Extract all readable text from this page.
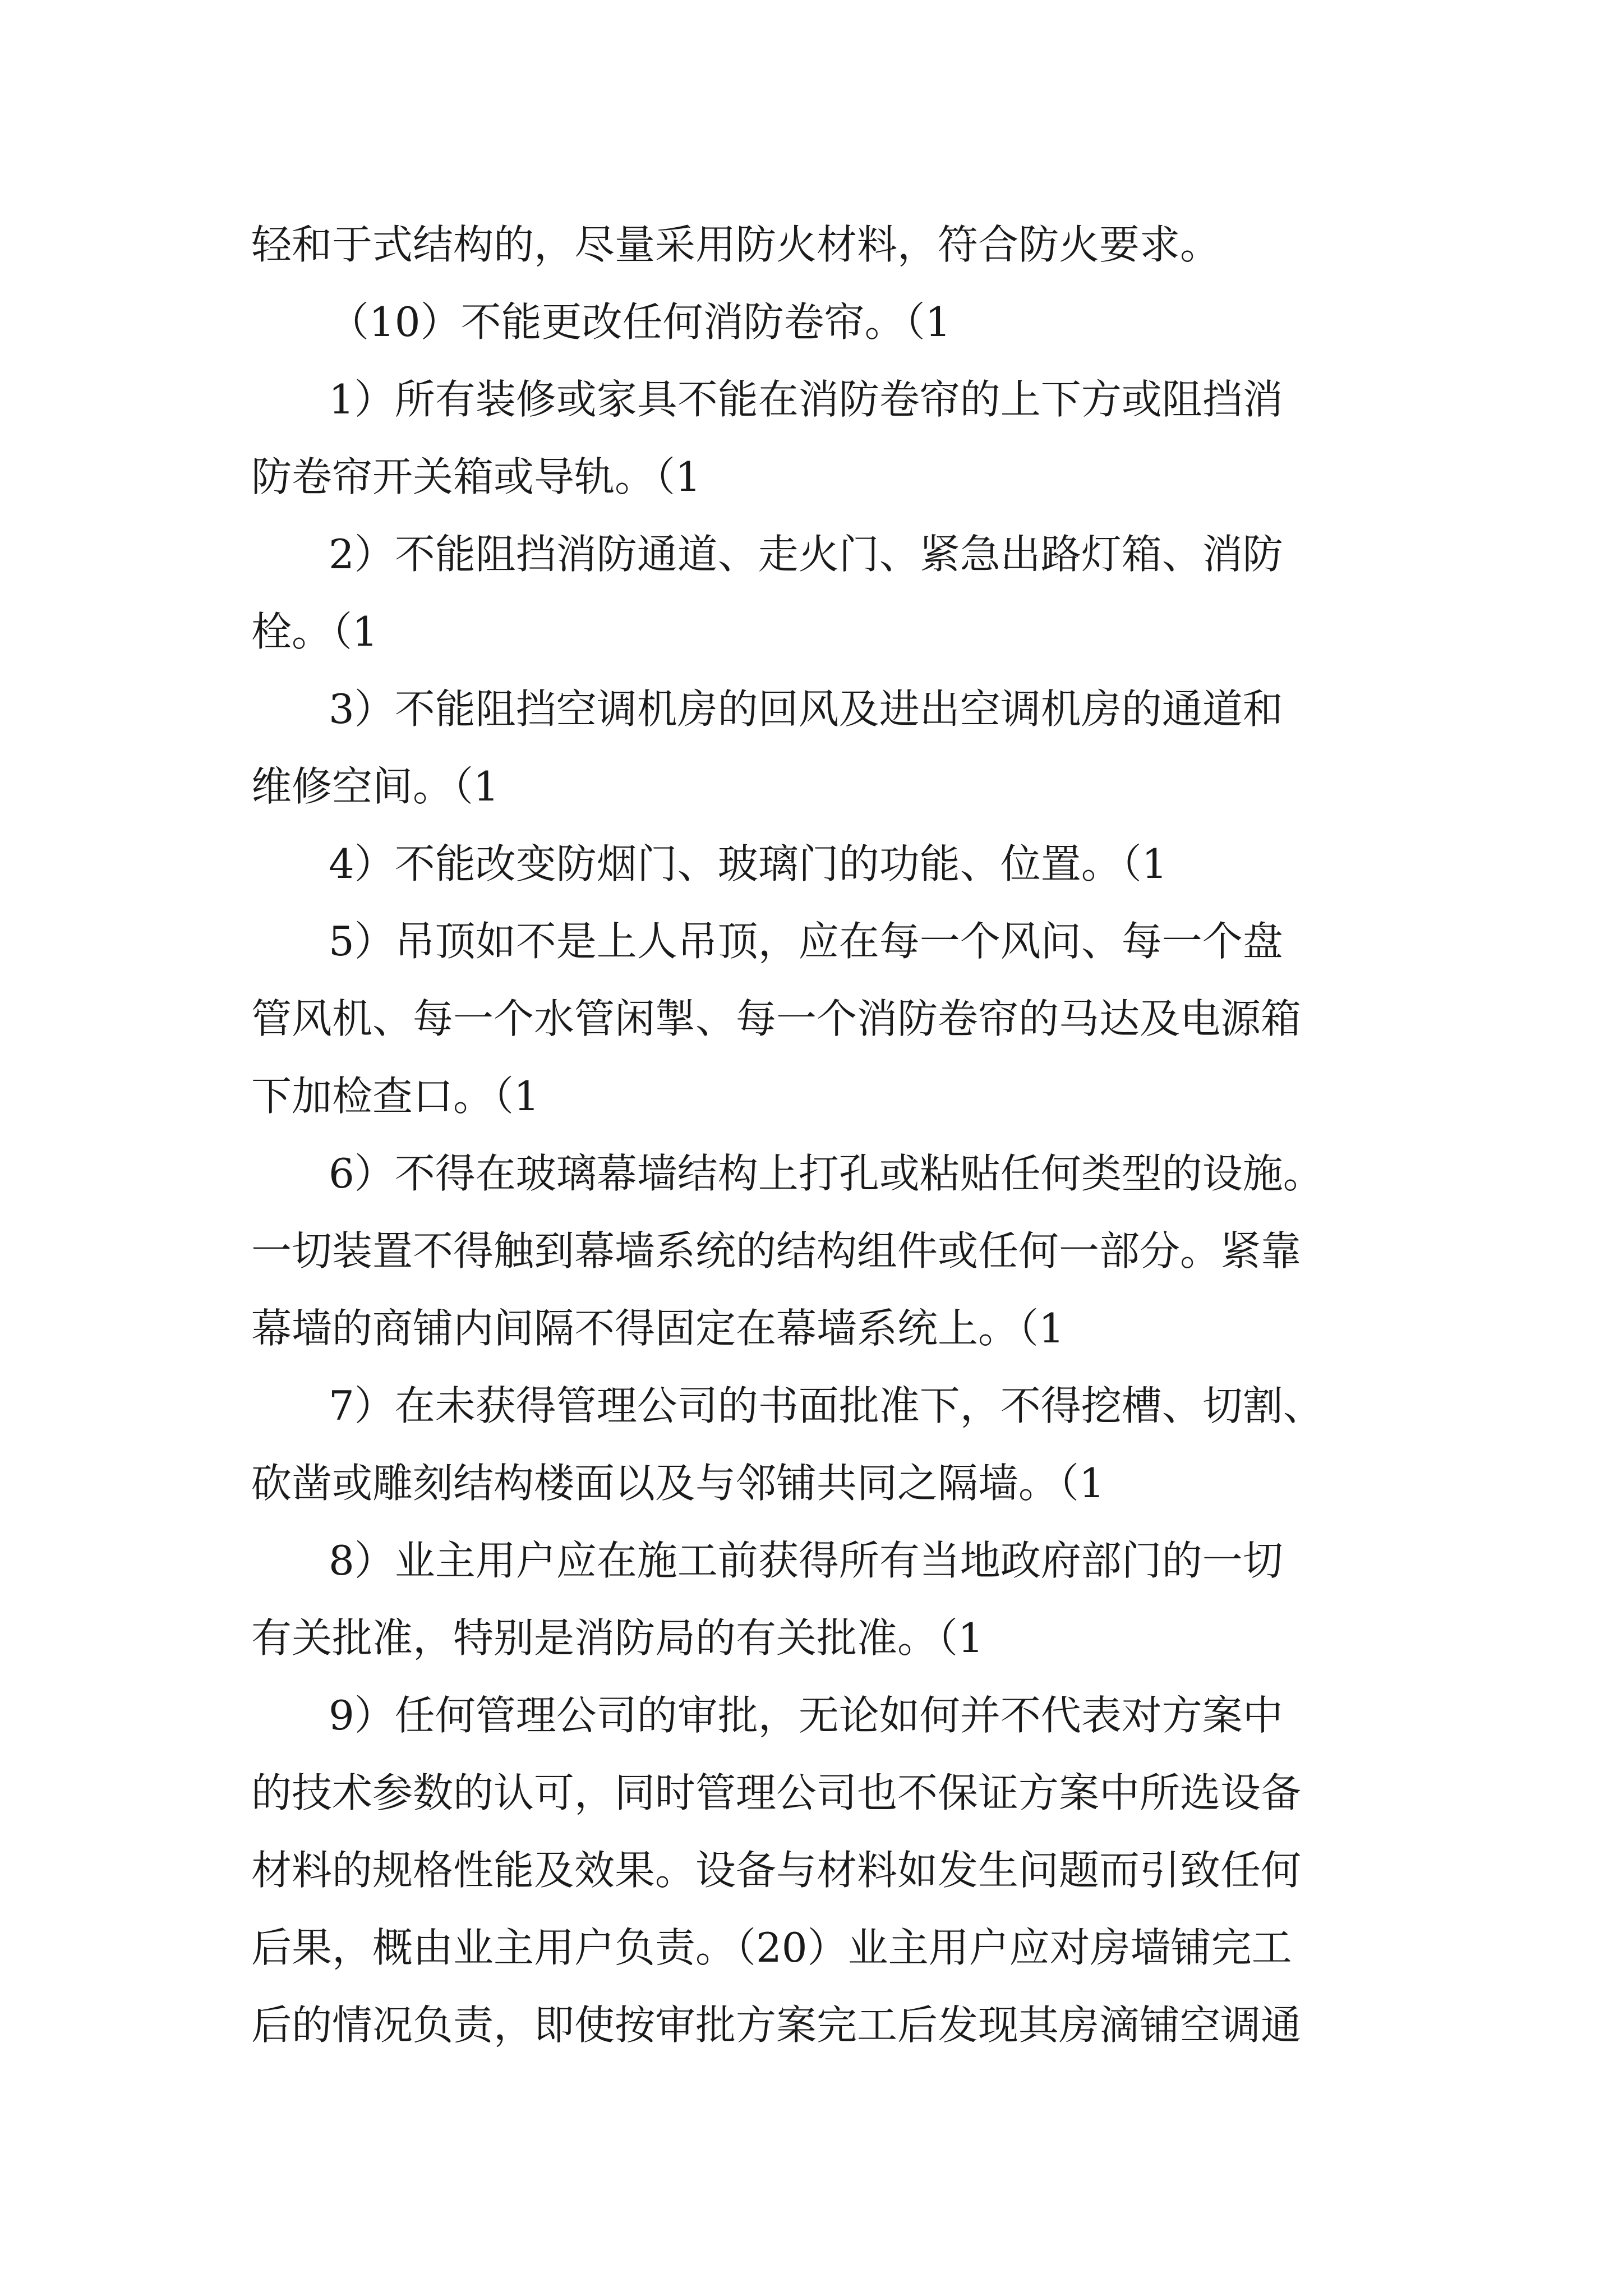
轻和于式结构的，尽量采用防火材料，符合防火要求。

（10）不能更改任何消防卷帘。（1

1）所有装修或家具不能在消防卷帘的上下方或阻挡消

防卷帘开关箱或导轨。（1

2）不能阻挡消防通道、走火门、紧急出路灯箱、消防

栓。（1

3）不能阻挡空调机房的回风及进出空调机房的通道和

维修空间。（1

4）不能改变防烟门、玻璃门的功能、位置。（1

5）吊顶如不是上人吊顶，应在每一个风问、每一个盘

管风机、每一个水管闲掣、每一个消防卷帘的马达及电源箱

下加检查口。（1

6）不得在玻璃幕墙结构上打孔或粘贴任何类型的设施。

一切装置不得触到幕墙系统的结构组件或任何一部分。紧靠

幕墙的商铺内间隔不得固定在幕墙系统上。（1

7）在未获得管理公司的书面批准下，不得挖槽、切割、

砍凿或雕刻结构楼面以及与邻铺共同之隔墙。（1

8）业主用户应在施工前获得所有当地政府部门的一切

有关批准，特别是消防局的有关批准。（1

9）任何管理公司的审批，无论如何并不代表对方案中

的技术参数的认可，同时管理公司也不保证方案中所选设备

材料的规格性能及效果。设备与材料如发生问题而引致任何

后果，概由业主用户负责。（20）业主用户应对房墙铺完工

后的情况负责，即使按审批方案完工后发现其房滴铺空调通
